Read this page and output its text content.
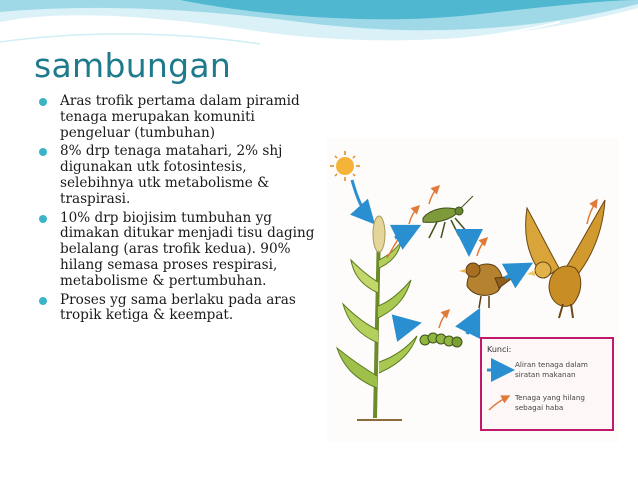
sambungan
Aras trofik pertama dalam piramid tenaga merupakan komuniti pengeluar (tumbuhan)
8% drp tenaga matahari, 2% shj digunakan utk fotosintesis, selebihnya utk metabolisme & traspirasi.
10% drp biojisim tumbuhan yg dimakan ditukar menjadi tisu daging belalang (aras trofik kedua). 90% hilang semasa proses respirasi, metabolisme & pertumbuhan.
Proses yg sama berlaku pada aras tropik ketiga & keempat.
Kunci:
Aliran tenaga dalam
siratan makanan
Tenaga yang hilang
sebagai haba
